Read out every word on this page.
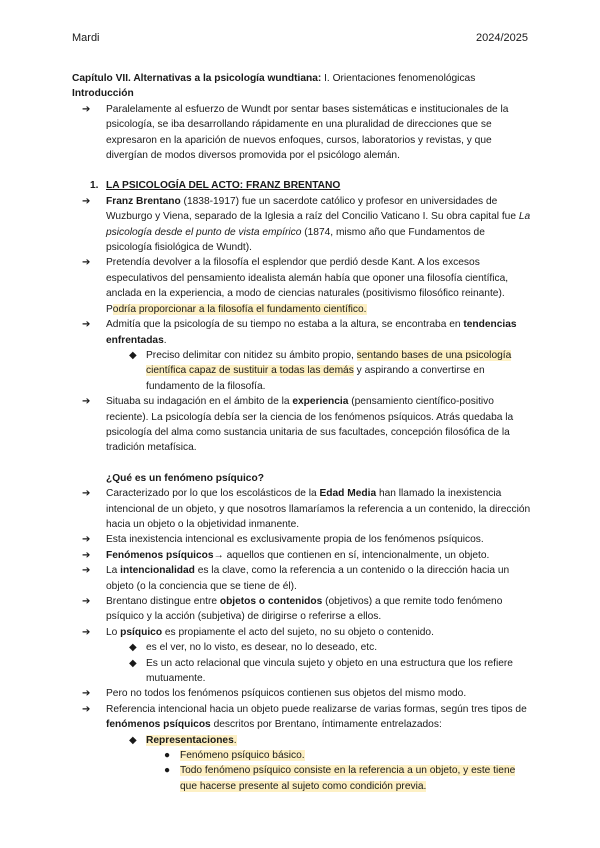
Mardi	2024/2025

Capítulo VII. Alternativas a la psicología wundtiana: I. Orientaciones fenomenológicas

Introducción

➔	Paralelamente al esfuerzo de Wundt por sentar bases sistemáticas e institucionales de la psicología, se iba desarrollando rápidamente en una pluralidad de direcciones que se expresaron en la aparición de nuevos enfoques, cursos, laboratorios y revistas, y que divergían de modos diversos promovida por el psicólogo alemán.
1. LA PSICOLOGÍA DEL ACTO: FRANZ BRENTANO
➔	Franz Brentano (1838-1917) fue un sacerdote católico y profesor en universidades de Wuzburgo y Viena, separado de la Iglesia a raíz del Concilio Vaticano I. Su obra capital fue La psicología desde el punto de vista empírico (1874, mismo año que Fundamentos de psicología fisiológica de Wundt).
➔	Pretendía devolver a la filosofía el esplendor que perdió desde Kant. A los excesos especulativos del pensamiento idealista alemán había que oponer una filosofía científica, anclada en la experiencia, a modo de ciencias naturales (positivismo filosófico reinante). Podría proporcionar a la filosofía el fundamento científico.
➔	Admitía que la psicología de su tiempo no estaba a la altura, se encontraba en tendencias enfrentadas.
◆ Preciso delimitar con nitidez su ámbito propio, sentando bases de una psicología científica capaz de sustituir a todas las demás y aspirando a convertirse en fundamento de la filosofía.
➔	Situaba su indagación en el ámbito de la experiencia (pensamiento científico-positivo reciente). La psicología debía ser la ciencia de los fenómenos psíquicos. Atrás quedaba la psicología del alma como sustancia unitaria de sus facultades, concepción filosófica de la tradición metafísica.
¿Qué es un fenómeno psíquico?
➔	Caracterizado por lo que los escolásticos de la Edad Media han llamado la inexistencia intencional de un objeto, y que nosotros llamaríamos la referencia a un contenido, la dirección hacia un objeto o la objetividad inmanente.
➔	Esta inexistencia intencional es exclusivamente propia de los fenómenos psíquicos.
➔	Fenómenos psíquicos→ aquellos que contienen en sí, intencionalmente, un objeto.
➔	La intencionalidad es la clave, como la referencia a un contenido o la dirección hacia un objeto (o la conciencia que se tiene de él).
➔	Brentano distingue entre objetos o contenidos (objetivos) a que remite todo fenómeno psíquico y la acción (subjetiva) de dirigirse o referirse a ellos.
➔	Lo psíquico es propiamente el acto del sujeto, no su objeto o contenido.
◆ es el ver, no lo visto, es desear, no lo deseado, etc.
◆ Es un acto relacional que vincula sujeto y objeto en una estructura que los refiere mutuamente.
➔	Pero no todos los fenómenos psíquicos contienen sus objetos del mismo modo.
➔	Referencia intencional hacia un objeto puede realizarse de varias formas, según tres tipos de fenómenos psíquicos descritos por Brentano, íntimamente entrelazados:
◆ Representaciones.
● Fenómeno psíquico básico.
● Todo fenómeno psíquico consiste en la referencia a un objeto, y este tiene que hacerse presente al sujeto como condición previa.
